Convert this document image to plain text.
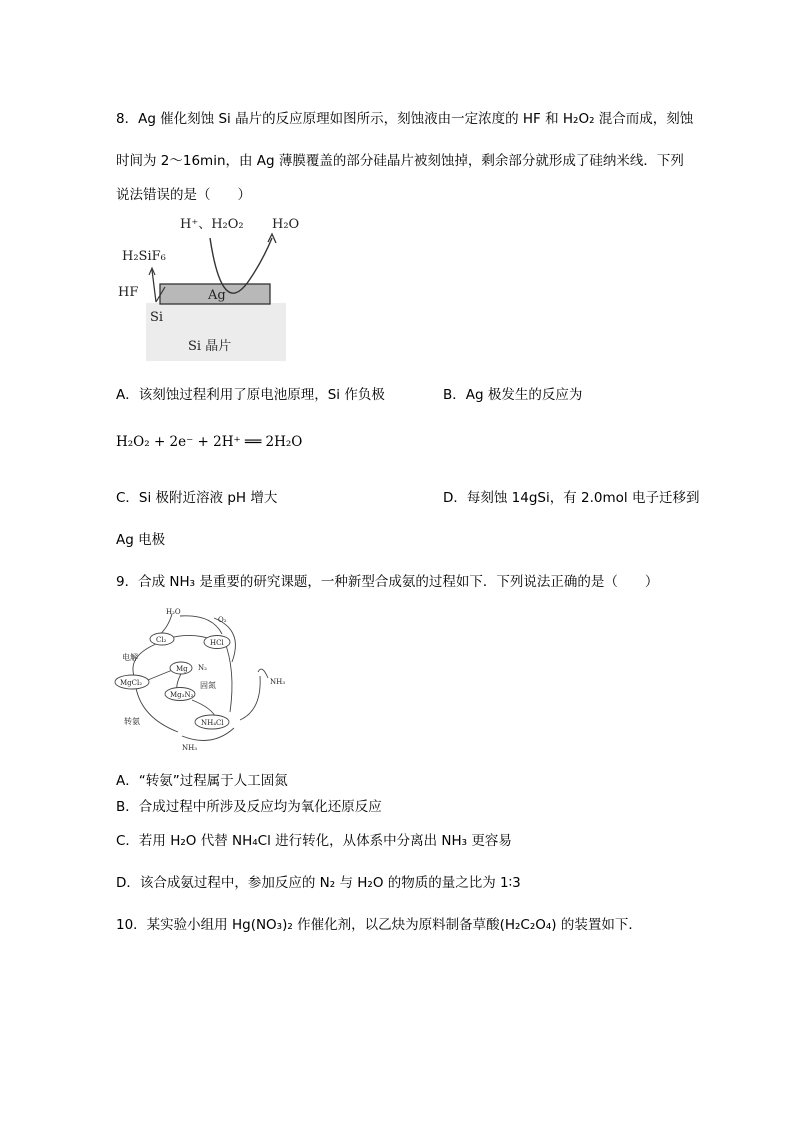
8．Ag 催化刻蚀 Si 晶片的反应原理如图所示，刻蚀液由一定浓度的 HF 和 H₂O₂ 混合而成，刻蚀
时间为 2～16min，由 Ag 薄膜覆盖的部分硅晶片被刻蚀掉，剩余部分就形成了硅纳米线．下列
说法错误的是（　　）
H⁺、H₂O₂ H₂O
H₂SiF₆
HF	Ag
Si
Si 晶片
A．该刻蚀过程利用了原电池原理，Si 作负极	B．Ag 极发生的反应为
H₂O₂ + 2e⁻ + 2H⁺ ══ 2H₂O
C．Si 极附近溶液 pH 增大	D．每刻蚀 14gSi，有 2.0mol 电子迁移到
Ag 电极
9．合成 NH₃ 是重要的研究课题，一种新型合成氨的过程如下．下列说法正确的是（　　）
H₂O
O₂
Cl₂	HCl
电解
Mg N₂
MgCl₂	固氮
Mg₃N₂
NH₃
转氨	NH₄Cl
NH₃
A．“转氨”过程属于人工固氮
B．合成过程中所涉及反应均为氧化还原反应
C．若用 H₂O 代替 NH₄Cl 进行转化，从体系中分离出 NH₃ 更容易
D．该合成氨过程中，参加反应的 N₂ 与 H₂O 的物质的量之比为 1∶3
10．某实验小组用 Hg(NO₃)₂ 作催化剂，以乙炔为原料制备草酸(H₂C₂O₄) 的装置如下．
